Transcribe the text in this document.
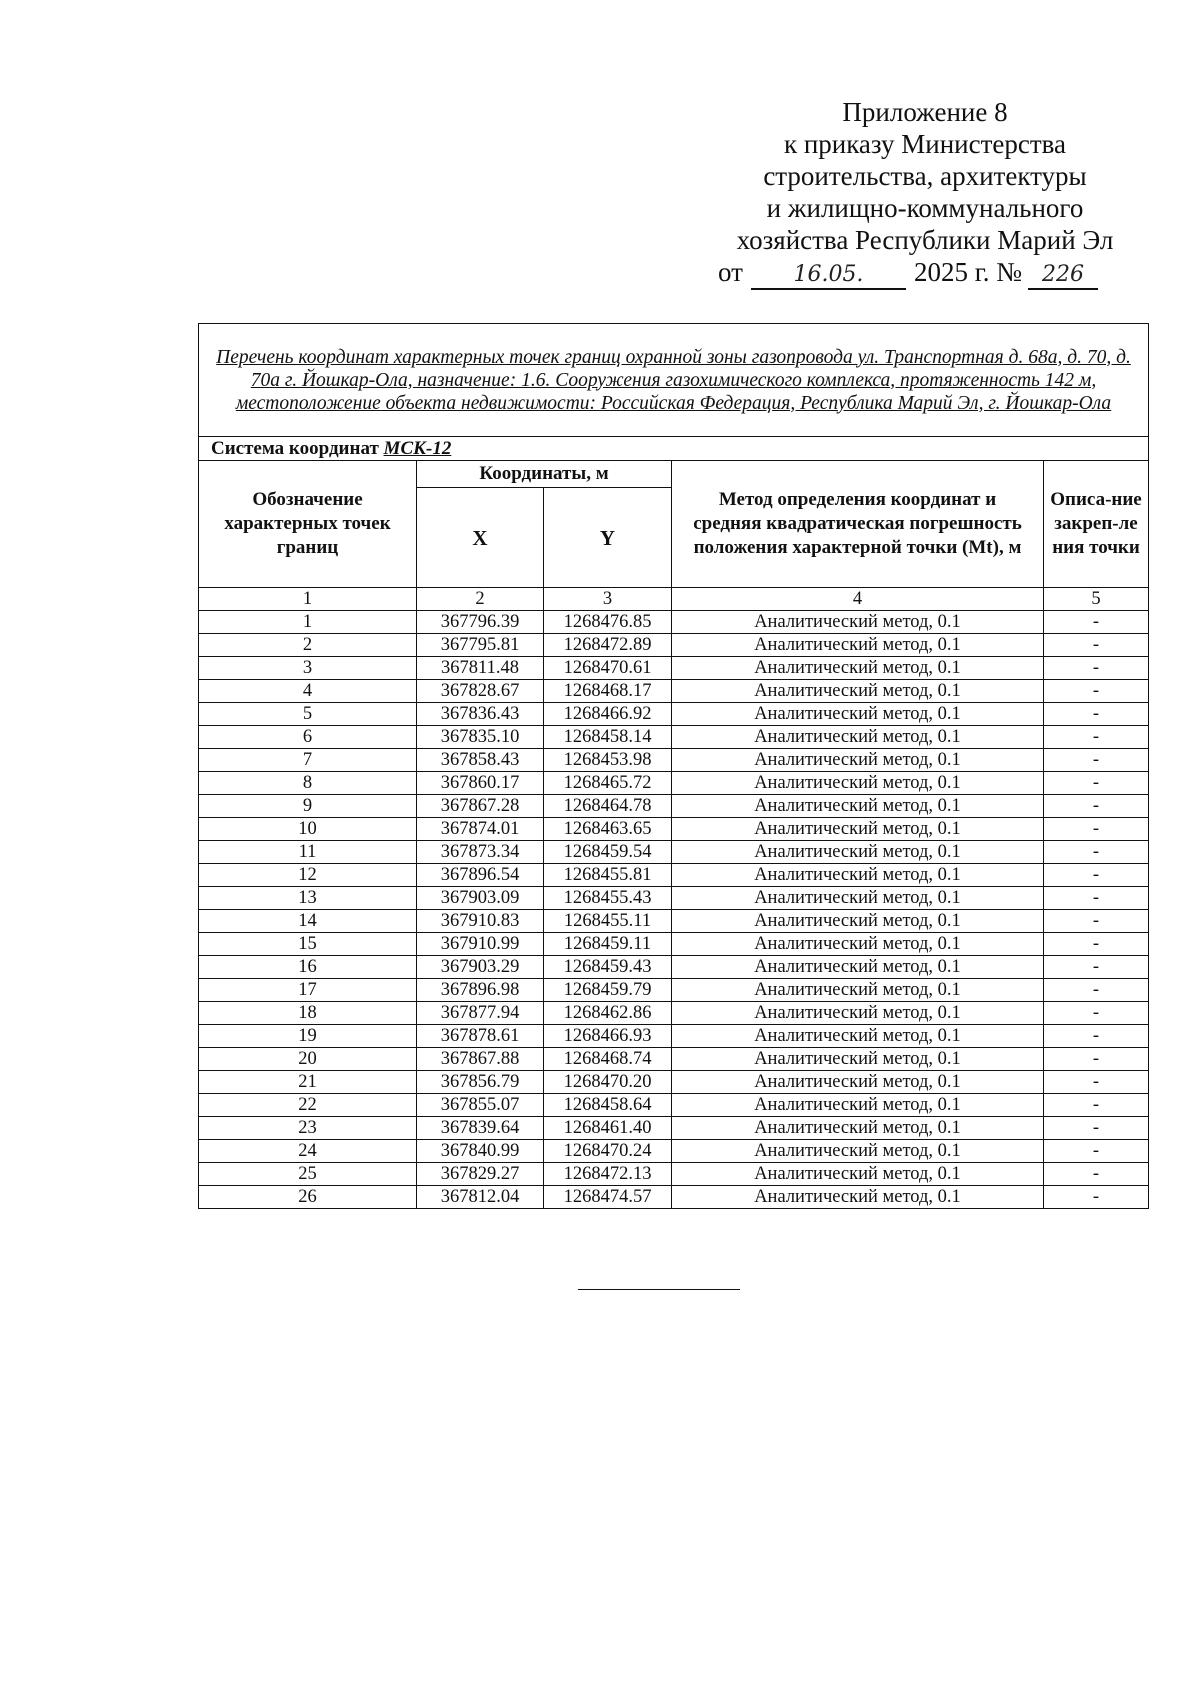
Приложение 8
к приказу Министерства
строительства, архитектуры
и жилищно-коммунального
хозяйства Республики Марий Эл
от 16.05. 2025 г. № 226
Перечень координат характерных точек границ охранной зоны газопровода ул. Транспортная д. 68а, д. 70, д. 70а г. Йошкар-Ола, назначение: 1.6. Сооружения газохимического комплекса, протяженность 142 м, местоположение объекта недвижимости: Российская Федерация, Республика Марий Эл, г. Йошкар-Ола				
Система координат МСК-12				
Обозначение характерных точек границ	Координаты, м		Метод определения координат и средняя квадратическая погрешность положения характерной точки (Mt), м	Описа-ние закреп-ления точки
	X	Y		
1	2	3	4	5
1	367796.39	1268476.85	Аналитический метод, 0.1	-
2	367795.81	1268472.89	Аналитический метод, 0.1	-
3	367811.48	1268470.61	Аналитический метод, 0.1	-
4	367828.67	1268468.17	Аналитический метод, 0.1	-
5	367836.43	1268466.92	Аналитический метод, 0.1	-
6	367835.10	1268458.14	Аналитический метод, 0.1	-
7	367858.43	1268453.98	Аналитический метод, 0.1	-
8	367860.17	1268465.72	Аналитический метод, 0.1	-
9	367867.28	1268464.78	Аналитический метод, 0.1	-
10	367874.01	1268463.65	Аналитический метод, 0.1	-
11	367873.34	1268459.54	Аналитический метод, 0.1	-
12	367896.54	1268455.81	Аналитический метод, 0.1	-
13	367903.09	1268455.43	Аналитический метод, 0.1	-
14	367910.83	1268455.11	Аналитический метод, 0.1	-
15	367910.99	1268459.11	Аналитический метод, 0.1	-
16	367903.29	1268459.43	Аналитический метод, 0.1	-
17	367896.98	1268459.79	Аналитический метод, 0.1	-
18	367877.94	1268462.86	Аналитический метод, 0.1	-
19	367878.61	1268466.93	Аналитический метод, 0.1	-
20	367867.88	1268468.74	Аналитический метод, 0.1	-
21	367856.79	1268470.20	Аналитический метод, 0.1	-
22	367855.07	1268458.64	Аналитический метод, 0.1	-
23	367839.64	1268461.40	Аналитический метод, 0.1	-
24	367840.99	1268470.24	Аналитический метод, 0.1	-
25	367829.27	1268472.13	Аналитический метод, 0.1	-
26	367812.04	1268474.57	Аналитический метод, 0.1	-
